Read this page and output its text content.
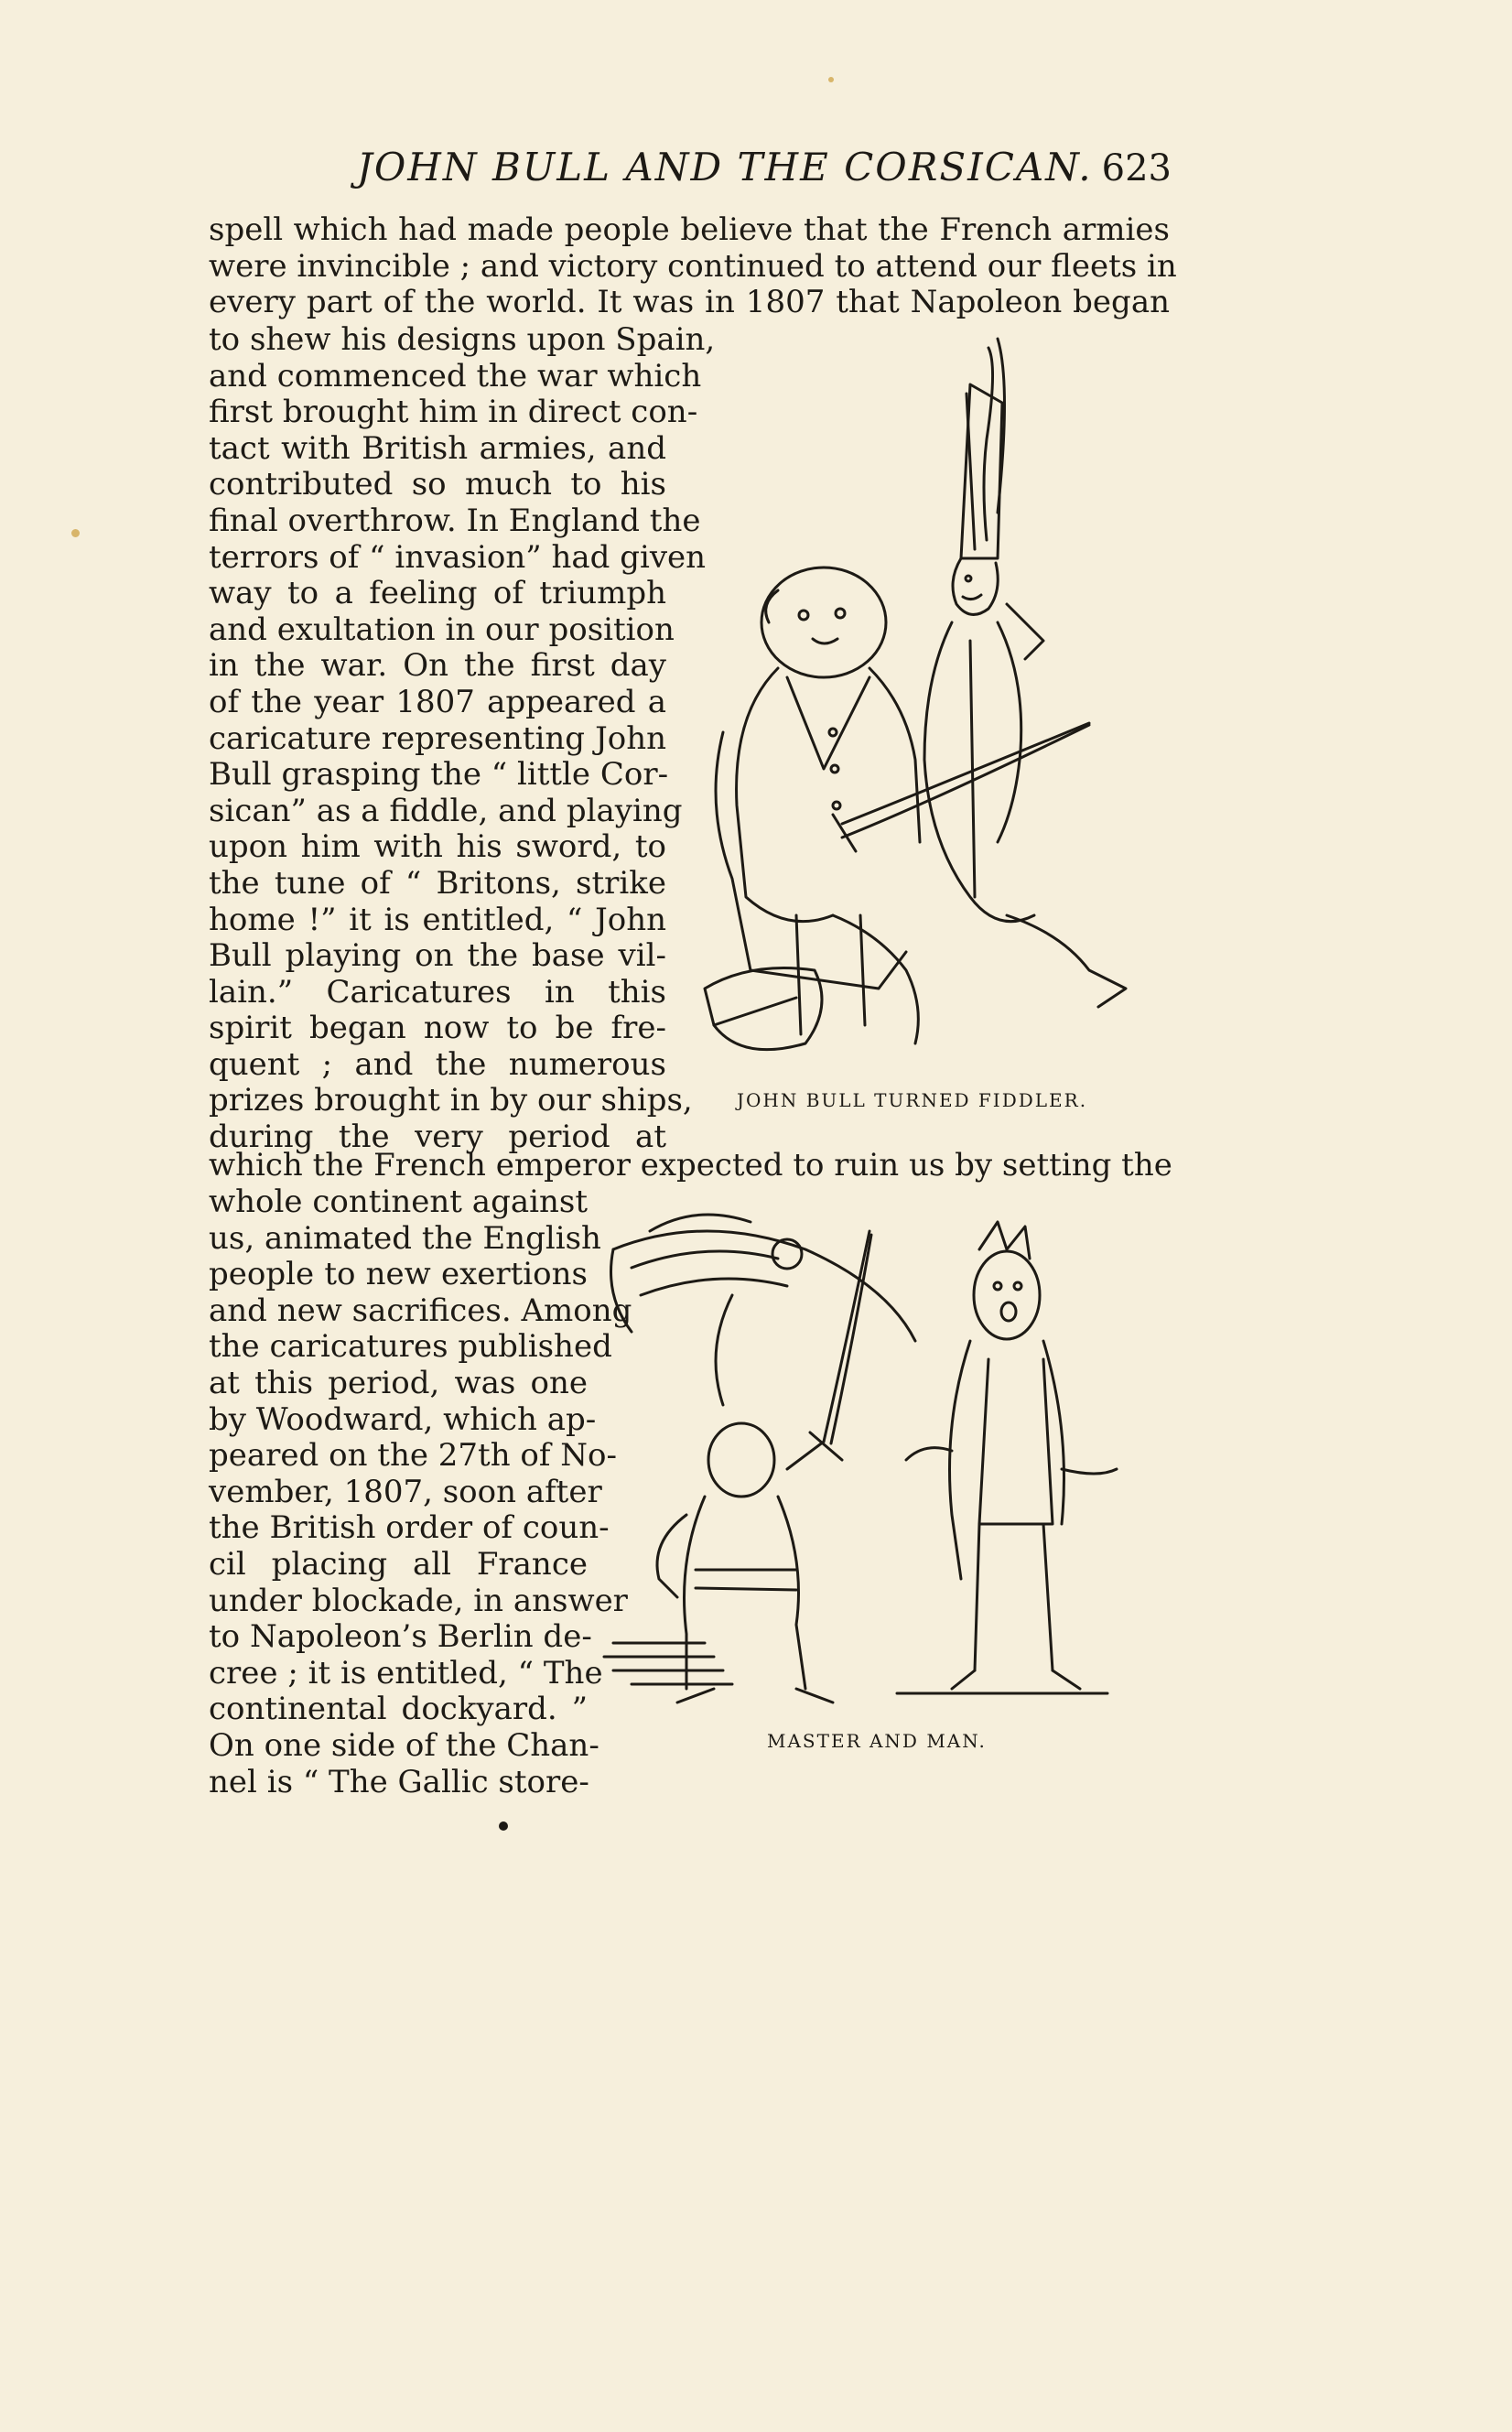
JOHN BULL AND THE CORSICAN. 623
spell which had made people believe that the French armies
were invincible ; and victory continued to attend our fleets in
every part of the world. It was in 1807 that Napoleon began
to shew his designs upon Spain,
and commenced the war which
first brought him in direct con-
tact with British armies, and
contributed so much to his
final overthrow. In England the
terrors of “ invasion” had given
way to a feeling of triumph
and exultation in our position
in the war. On the first day
of the year 1807 appeared a
caricature representing John
Bull grasping the “ little Cor-
sican” as a fiddle, and playing
upon him with his sword, to
the tune of “ Britons, strike
home !” it is entitled, “ John
Bull playing on the base vil-
lain.” Caricatures in this
spirit began now to be fre-
quent ; and the numerous
prizes brought in by our ships,
during the very period at
which the French emperor expected to ruin us by setting the
whole continent against
us, animated the English
people to new exertions
and new sacrifices. Among
the caricatures published
at this period, was one
by Woodward, which ap-
peared on the 27th of No-
vember, 1807, soon after
the British order of coun-
cil placing all France
under blockade, in answer
to Napoleon’s Berlin de-
cree ; it is entitled, “ The
continental dockyard. ”
On one side of the Chan-
nel is “ The Gallic store-
JOHN BULL TURNED FIDDLER.
MASTER AND MAN.
